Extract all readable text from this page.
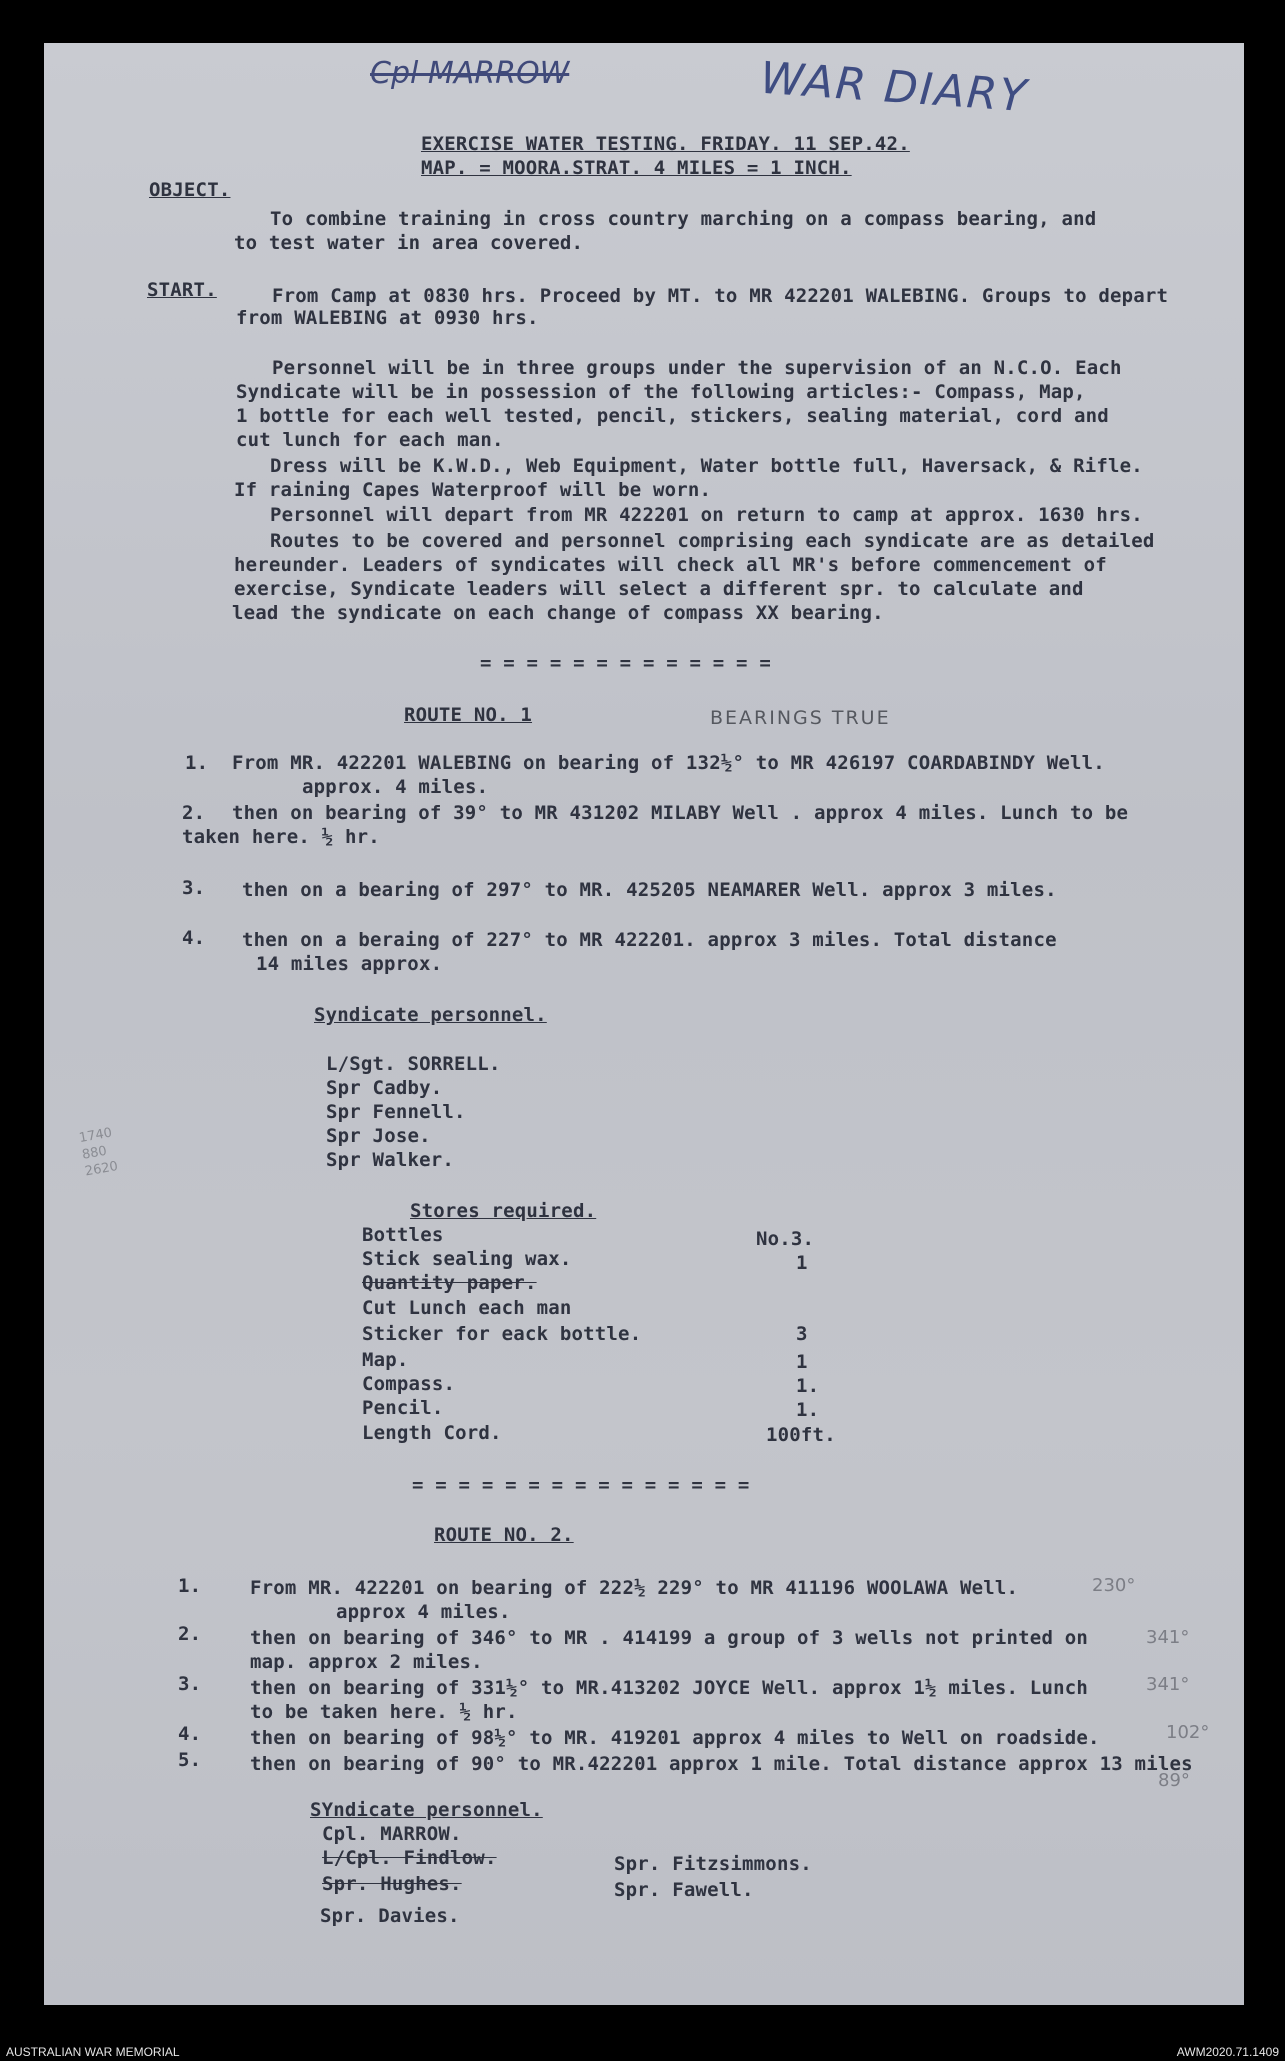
Cpl MARROW	WAR DIARY
BEARINGS TRUE
1740
880
2620
230°
341°
341°
102°
89°
EXERCISE WATER TESTING. FRIDAY. 11 SEP.42.
MAP. = MOORA.STRAT. 4 MILES = 1 INCH.
OBJECT.
To combine training in cross country marching on a compass bearing, and
to test water in area covered.
START.	From Camp at 0830 hrs. Proceed by MT. to MR 422201 WALEBING. Groups to depart
from WALEBING at 0930 hrs.
Personnel will be in three groups under the supervision of an N.C.O. Each
Syndicate will be in possession of the following articles:- Compass, Map,
1 bottle for each well tested, pencil, stickers, sealing material, cord and
cut lunch for each man.
Dress will be K.W.D., Web Equipment, Water bottle full, Haversack, & Rifle.
If raining Capes Waterproof will be worn.
Personnel will depart from MR 422201 on return to camp at approx. 1630 hrs.
Routes to be covered and personnel comprising each syndicate are as detailed
hereunder. Leaders of syndicates will check all MR's before commencement of
exercise, Syndicate leaders will select a different spr. to calculate and
lead the syndicate on each change of compass XX bearing.
= = = = = = = = = = = = =
ROUTE NO. 1
1. From MR. 422201 WALEBING on bearing of 132½° to MR 426197 COARDABINDY Well.
approx. 4 miles.
2. then on bearing of 39° to MR 431202 MILABY Well . approx 4 miles. Lunch to be
taken here. ½ hr.
3. then on a bearing of 297° to MR. 425205 NEAMARER Well. approx 3 miles.
4. then on a beraing of 227° to MR 422201. approx 3 miles. Total distance
14 miles approx.
Syndicate personnel.
L/Sgt. SORRELL.
Spr Cadby.
Spr Fennell.
Spr Jose.
Spr Walker.
Stores required.
Bottles	No.3.
Stick sealing wax.	1
Quantity paper.
Cut Lunch each man
Sticker for eack bottle.	3
Map.	1
Compass.	1.
Pencil.	1.
Length Cord.	100ft.
= = = = = = = = = = = = = = =
ROUTE NO. 2.
1.	From MR. 422201 on bearing of 222½ 229° to MR 411196 WOOLAWA Well.
approx 4 miles.
2.	then on bearing of 346° to MR . 414199 a group of 3 wells not printed on
map. approx 2 miles.
3.	then on bearing of 331½° to MR.413202 JOYCE Well. approx 1½ miles. Lunch
to be taken here. ½ hr.
4.	then on bearing of 98½° to MR. 419201 approx 4 miles to Well on roadside.
5.	then on bearing of 90° to MR.422201 approx 1 mile. Total distance approx 13 miles
SYndicate personnel.
Cpl. MARROW.
L/Cpl. Findlow.
Spr. Hughes.
Spr. Davies.
Spr. Fitzsimmons.
Spr. Fawell.
AUSTRALIAN WAR MEMORIAL	AWM2020.71.1409
